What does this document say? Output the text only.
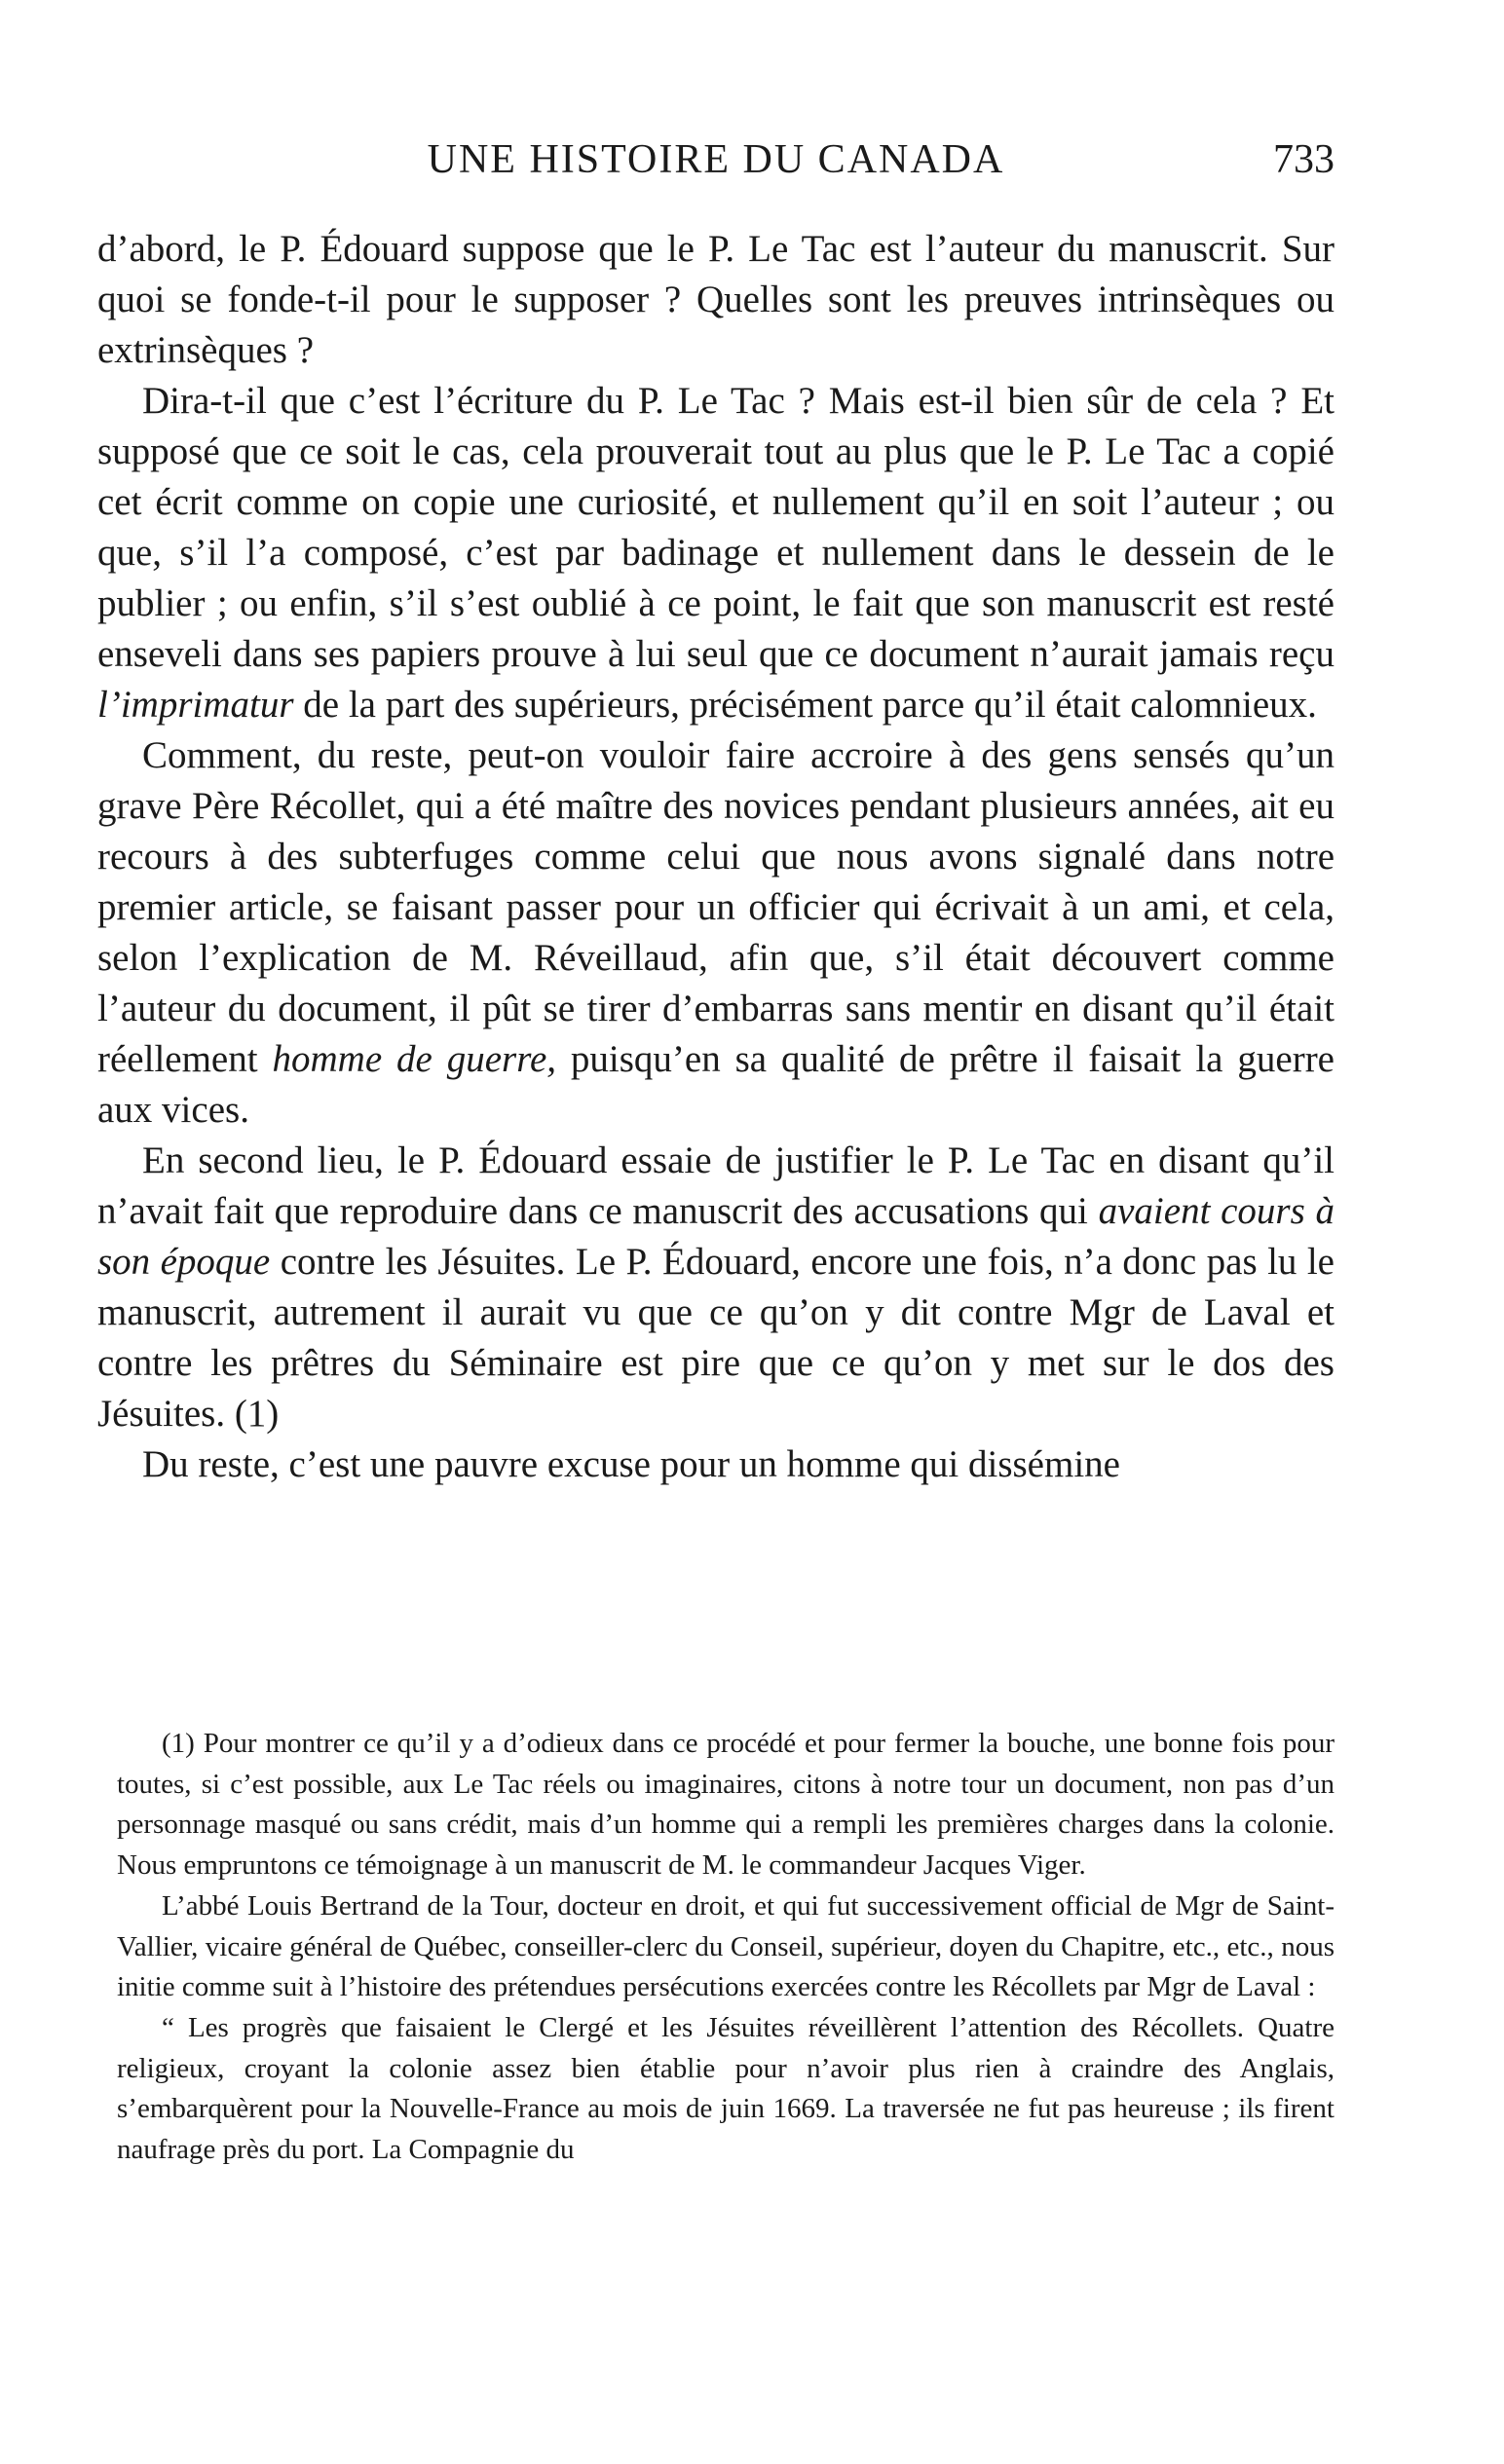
UNE HISTOIRE DU CANADA	733

d’abord, le P. Édouard suppose que le P. Le Tac est l’auteur du manuscrit. Sur quoi se fonde-t-il pour le supposer ? Quelles sont les preuves intrinsèques ou extrinsèques ?

Dira-t-il que c’est l’écriture du P. Le Tac ? Mais est-il bien sûr de cela ? Et supposé que ce soit le cas, cela prouverait tout au plus que le P. Le Tac a copié cet écrit comme on copie une curiosité, et nullement qu’il en soit l’auteur ; ou que, s’il l’a composé, c’est par badinage et nullement dans le dessein de le publier ; ou enfin, s’il s’est oublié à ce point, le fait que son manuscrit est resté enseveli dans ses papiers prouve à lui seul que ce document n’aurait jamais reçu l’imprimatur de la part des supérieurs, précisément parce qu’il était calomnieux.

Comment, du reste, peut-on vouloir faire accroire à des gens sensés qu’un grave Père Récollet, qui a été maître des novices pendant plusieurs années, ait eu recours à des subterfuges comme celui que nous avons signalé dans notre premier article, se faisant passer pour un officier qui écrivait à un ami, et cela, selon l’explication de M. Réveillaud, afin que, s’il était découvert comme l’auteur du document, il pût se tirer d’embarras sans mentir en disant qu’il était réellement homme de guerre, puisqu’en sa qualité de prêtre il faisait la guerre aux vices.

En second lieu, le P. Édouard essaie de justifier le P. Le Tac en disant qu’il n’avait fait que reproduire dans ce manuscrit des accusations qui avaient cours à son époque contre les Jésuites. Le P. Édouard, encore une fois, n’a donc pas lu le manuscrit, autrement il aurait vu que ce qu’on y dit contre Mgr de Laval et contre les prêtres du Séminaire est pire que ce qu’on y met sur le dos des Jésuites. (1)

Du reste, c’est une pauvre excuse pour un homme qui dissémine

(1) Pour montrer ce qu’il y a d’odieux dans ce procédé et pour fermer la bouche, une bonne fois pour toutes, si c’est possible, aux Le Tac réels ou imaginaires, citons à notre tour un document, non pas d’un personnage masqué ou sans crédit, mais d’un homme qui a rempli les premières charges dans la colonie. Nous empruntons ce témoignage à un manuscrit de M. le commandeur Jacques Viger.

L’abbé Louis Bertrand de la Tour, docteur en droit, et qui fut successivement official de Mgr de Saint-Vallier, vicaire général de Québec, conseiller-clerc du Conseil, supérieur, doyen du Chapitre, etc., etc., nous initie comme suit à l’histoire des prétendues persécutions exercées contre les Récollets par Mgr de Laval :

“ Les progrès que faisaient le Clergé et les Jésuites réveillèrent l’attention des Récollets. Quatre religieux, croyant la colonie assez bien établie pour n’avoir plus rien à craindre des Anglais, s’embarquèrent pour la Nouvelle-France au mois de juin 1669. La traversée ne fut pas heureuse ; ils firent naufrage près du port. La Compagnie du
